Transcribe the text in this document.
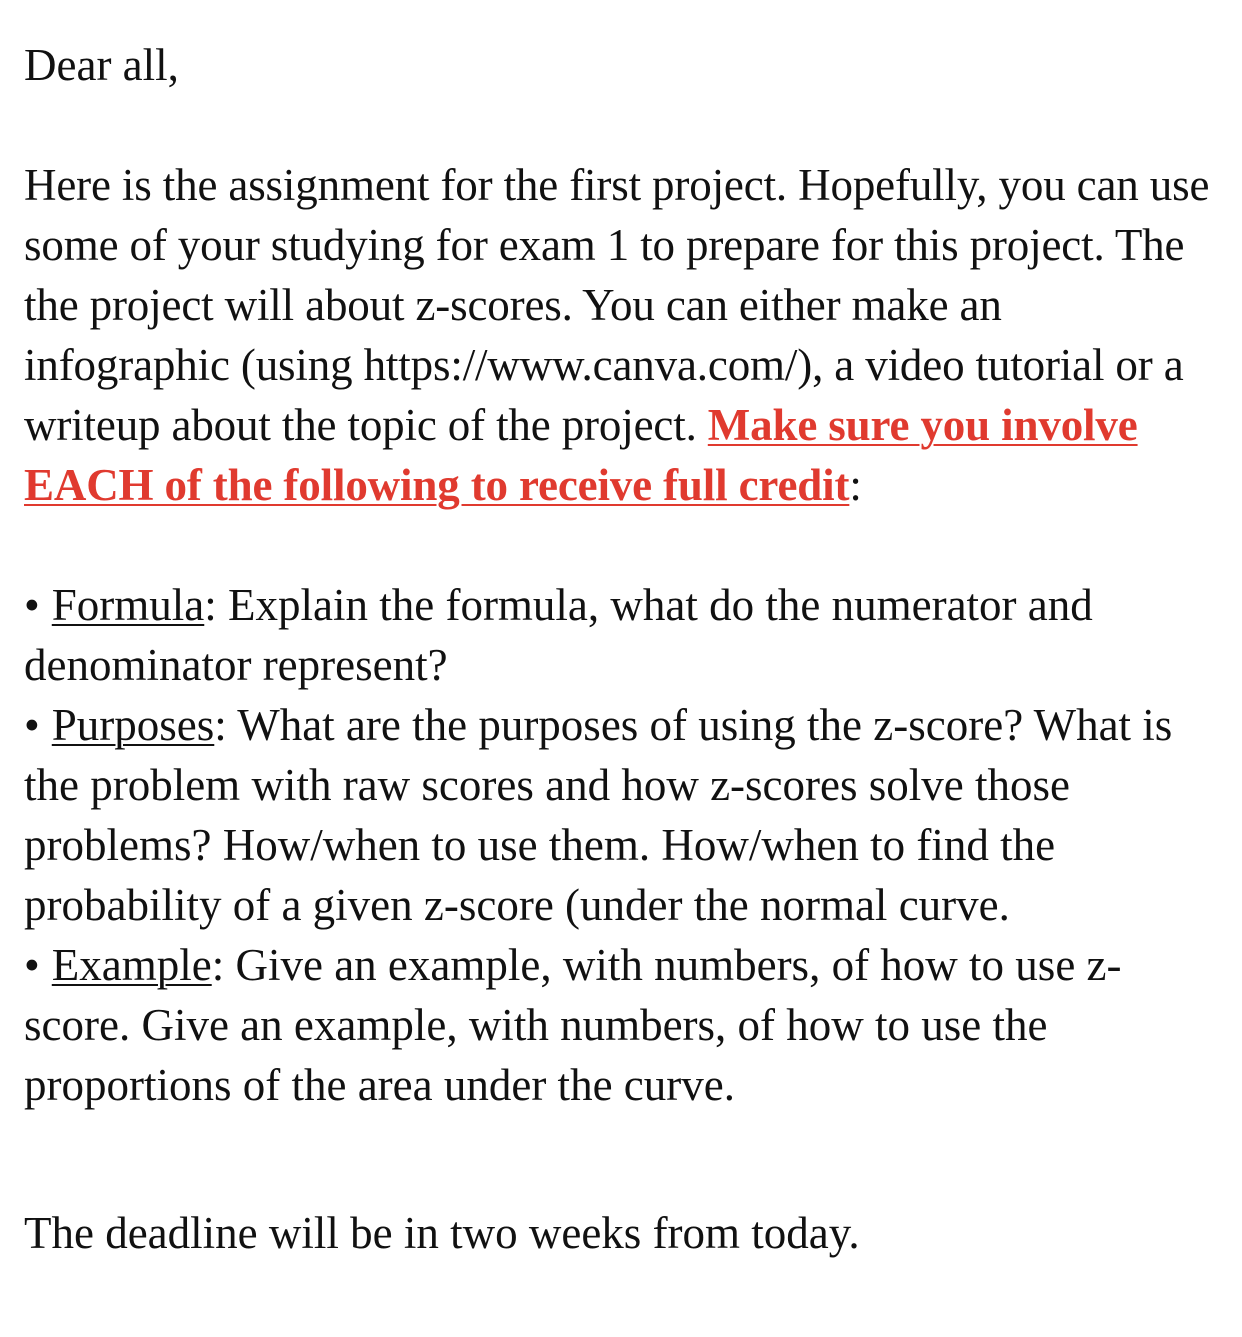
Dear all,

Here is the assignment for the first project. Hopefully, you can use some of your studying for exam 1 to prepare for this project. The the project will about z-scores. You can either make an infographic (using https://www.canva.com/), a video tutorial or a writeup about the topic of the project. Make sure you involve EACH of the following to receive full credit:

• Formula: Explain the formula, what do the numerator and denominator represent?
• Purposes: What are the purposes of using the z-score? What is the problem with raw scores and how z-scores solve those problems? How/when to use them. How/when to find the probability of a given z-score (under the normal curve.
• Example: Give an example, with numbers, of how to use z-score. Give an example, with numbers, of how to use the proportions of the area under the curve.

The deadline will be in two weeks from today.
